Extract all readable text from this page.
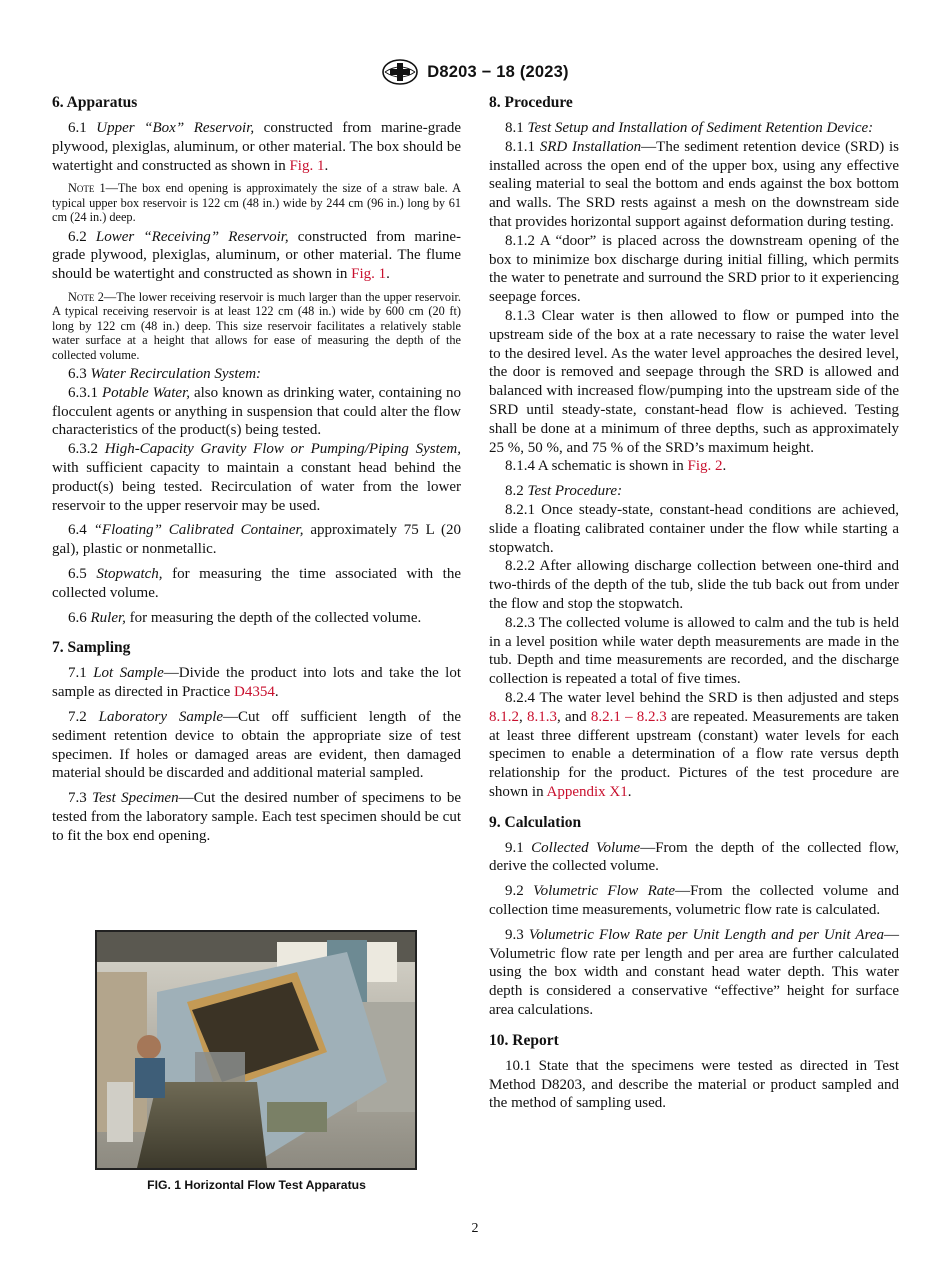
D8203 − 18 (2023)
6. Apparatus

6.1 Upper “Box” Reservoir, constructed from marine-grade plywood, plexiglas, aluminum, or other material. The box should be watertight and constructed as shown in Fig. 1.

Note 1—The box end opening is approximately the size of a straw bale. A typical upper box reservoir is 122 cm (48 in.) wide by 244 cm (96 in.) long by 61 cm (24 in.) deep.

6.2 Lower “Receiving” Reservoir, constructed from marine-grade plywood, plexiglas, aluminum, or other material. The flume should be watertight and constructed as shown in Fig. 1.

Note 2—The lower receiving reservoir is much larger than the upper reservoir. A typical receiving reservoir is at least 122 cm (48 in.) wide by 600 cm (20 ft) long by 122 cm (48 in.) deep. This size reservoir facilitates a relatively stable water surface at a height that allows for ease of measuring the depth of the collected volume.

6.3 Water Recirculation System:

6.3.1 Potable Water, also known as drinking water, containing no flocculent agents or anything in suspension that could alter the flow characteristics of the product(s) being tested.

6.3.2 High-Capacity Gravity Flow or Pumping/Piping System, with sufficient capacity to maintain a constant head behind the product(s) being tested. Recirculation of water from the lower reservoir to the upper reservoir may be used.

6.4 “Floating” Calibrated Container, approximately 75 L (20 gal), plastic or nonmetallic.

6.5 Stopwatch, for measuring the time associated with the collected volume.

6.6 Ruler, for measuring the depth of the collected volume.

7. Sampling

7.1 Lot Sample—Divide the product into lots and take the lot sample as directed in Practice D4354.

7.2 Laboratory Sample—Cut off sufficient length of the sediment retention device to obtain the appropriate size of test specimen. If holes or damaged areas are evident, then damaged material should be discarded and additional material sampled.

7.3 Test Specimen—Cut the desired number of specimens to be tested from the laboratory sample. Each test specimen should be cut to fit the box end opening.

FIG. 1 Horizontal Flow Test Apparatus
8. Procedure

8.1 Test Setup and Installation of Sediment Retention Device:

8.1.1 SRD Installation—The sediment retention device (SRD) is installed across the open end of the upper box, using any effective sealing material to seal the bottom and ends against the box bottom and walls. The SRD rests against a mesh on the downstream side that provides horizontal support against deformation during testing.

8.1.2 A “door” is placed across the downstream opening of the box to minimize box discharge during initial filling, which permits the water to penetrate and surround the SRD prior to it experiencing seepage forces.

8.1.3 Clear water is then allowed to flow or pumped into the upstream side of the box at a rate necessary to raise the water level to the desired level. As the water level approaches the desired level, the door is removed and seepage through the SRD is allowed and balanced with increased flow/pumping into the upstream side of the SRD until steady-state, constant-head flow is achieved. Testing shall be done at a minimum of three depths, such as approximately 25 %, 50 %, and 75 % of the SRD’s maximum height.

8.1.4 A schematic is shown in Fig. 2.

8.2 Test Procedure:

8.2.1 Once steady-state, constant-head conditions are achieved, slide a floating calibrated container under the flow while starting a stopwatch.

8.2.2 After allowing discharge collection between one-third and two-thirds of the depth of the tub, slide the tub back out from under the flow and stop the stopwatch.

8.2.3 The collected volume is allowed to calm and the tub is held in a level position while water depth measurements are made in the tub. Depth and time measurements are recorded, and the discharge collection is repeated a total of five times.

8.2.4 The water level behind the SRD is then adjusted and steps 8.1.2, 8.1.3, and 8.2.1 – 8.2.3 are repeated. Measurements are taken at least three different upstream (constant) water levels for each specimen to enable a determination of a flow rate versus depth relationship for the product. Pictures of the test procedure are shown in Appendix X1.

9. Calculation

9.1 Collected Volume—From the depth of the collected flow, derive the collected volume.

9.2 Volumetric Flow Rate—From the collected volume and collection time measurements, volumetric flow rate is calculated.

9.3 Volumetric Flow Rate per Unit Length and per Unit Area—Volumetric flow rate per length and per area are further calculated using the box width and constant head water depth. This water depth is considered a conservative “effective” height for surface area calculations.

10. Report

10.1 State that the specimens were tested as directed in Test Method D8203, and describe the material or product sampled and the method of sampling used.

2
